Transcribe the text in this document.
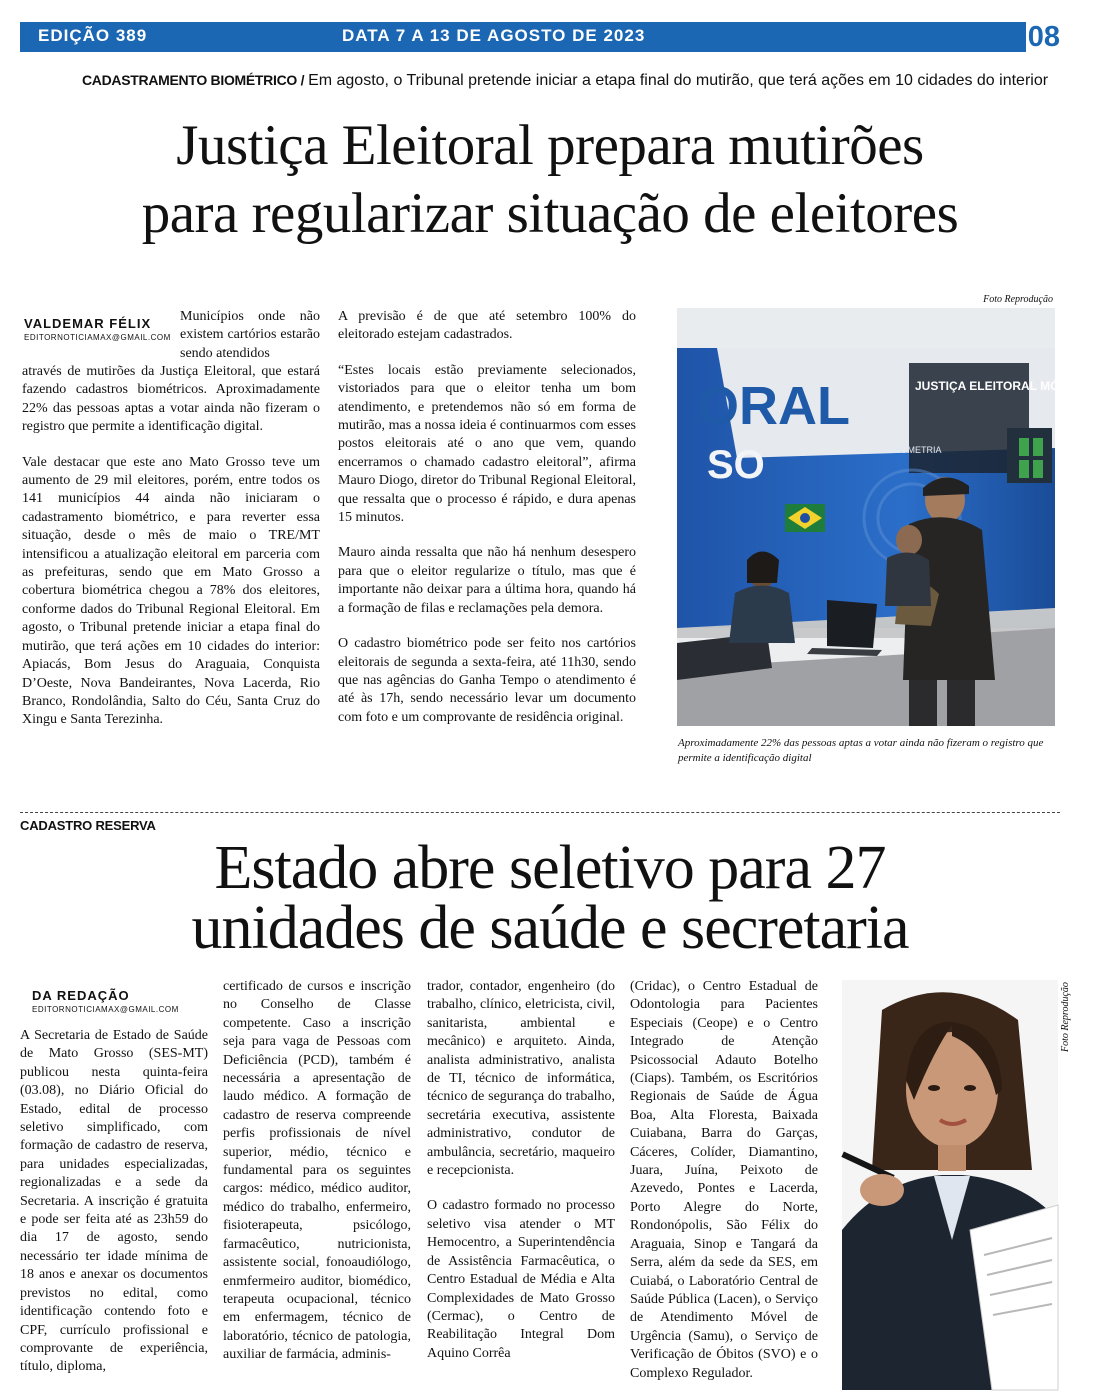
EDIÇÃO 389	DATA 7 A 13 DE AGOSTO DE 2023	08
CADASTRAMENTO BIOMÉTRICO / Em agosto, o Tribunal pretende iniciar a etapa final do mutirão, que terá ações em 10 cidades do interior
Justiça Eleitoral prepara mutirões
para regularizar situação de eleitores
VALDEMAR FÉLIX
EDITORNOTICIAMAX@GMAIL.COM
Municípios onde não existem cartórios estarão sendo atendidos

através de mutirões da Justiça Eleitoral, que estará fazendo cadastros biométricos. Aproximadamente 22% das pessoas aptas a votar ainda não fizeram o registro que permite a identificação digital.

Vale destacar que este ano Mato Grosso teve um aumento de 29 mil eleitores, porém, entre todos os 141 municípios 44 ainda não iniciaram o cadastramento biométrico, e para reverter essa situação, desde o mês de maio o TRE/MT intensificou a atualização eleitoral em parceria com as prefeituras, sendo que em Mato Grosso a cobertura biométrica chegou a 78% dos eleitores, conforme dados do Tribunal Regional Eleitoral. Em agosto, o Tribunal pretende iniciar a etapa final do mutirão, que terá ações em 10 cidades do interior: Apiacás, Bom Jesus do Araguaia, Conquista D’Oeste, Nova Bandeirantes, Nova Lacerda, Rio Branco, Rondolândia, Salto do Céu, Santa Cruz do Xingu e Santa Terezinha.

A previsão é de que até setembro 100% do eleitorado estejam cadastrados.

“Estes locais estão previamente selecionados, vistoriados para que o eleitor tenha um bom atendimento, e pretendemos não só em forma de mutirão, mas a nossa ideia é continuarmos com esses postos eleitorais até o ano que vem, quando encerramos o chamado cadastro eleitoral”, afirma Mauro Diogo, diretor do Tribunal Regional Eleitoral, que ressalta que o processo é rápido, e dura apenas 15 minutos.

Mauro ainda ressalta que não há nenhum desespero para que o eleitor regularize o título, mas que é importante não deixar para a última hora, quando há a formação de filas e reclamações pela demora.

O cadastro biométrico pode ser feito nos cartórios eleitorais de segunda a sexta-feira, até 11h30, sendo que nas agências do Ganha Tempo o atendimento é até às 17h, sendo necessário levar um documento com foto e um comprovante de residência original.

Foto Reprodução
ORAL	JUSTIÇA ELEITORAL MÓVEL
SO	BIOMETRIA
Aproximadamente 22% das pessoas aptas a votar ainda não fizeram o registro que permite a identificação digital
CADASTRO RESERVA
Estado abre seletivo para 27
unidades de saúde e secretaria
DA REDAÇÃO
EDITORNOTICIAMAX@GMAIL.COM
A Secretaria de Estado de Saúde de Mato Grosso (SES-MT) publicou nesta quinta-feira (03.08), no Diário Oficial do Estado, edital de processo seletivo simplificado, com formação de cadastro de reserva, para unidades especializadas, regionalizadas e a sede da Secretaria. A inscrição é gratuita e pode ser feita até as 23h59 do dia 17 de agosto, sendo necessário ter idade mínima de 18 anos e anexar os documentos previstos no edital, como identificação contendo foto e CPF, currículo profissional e comprovante de experiência, título, diploma,
certificado de cursos e inscrição no Conselho de Classe competente. Caso a inscrição seja para vaga de Pessoas com Deficiência (PCD), também é necessária a apresentação de laudo médico. A formação de cadastro de reserva compreende perfis profissionais de nível superior, médio, técnico e fundamental para os seguintes cargos: médico, médico auditor, médico do trabalho, enfermeiro, fisioterapeuta, psicólogo, farmacêutico, nutricionista, assistente social, fonoaudiólogo, enmfermeiro auditor, biomédico, terapeuta ocupacional, técnico em enfermagem, técnico de laboratório, técnico de patologia, auxiliar de farmácia, adminis-

trador, contador, engenheiro (do trabalho, clínico, eletricista, civil, sanitarista, ambiental e mecânico) e arquiteto. Ainda, analista administrativo, analista de TI, técnico de informática, técnico de segurança do trabalho, secretária executiva, assistente administrativo, condutor de ambulância, secretário, maqueiro e recepcionista.

O cadastro formado no processo seletivo visa atender o MT Hemocentro, a Superintendência de Assistência Farmacêutica, o Centro Estadual de Média e Alta Complexidades de Mato Grosso (Cermac), o Centro de Reabilitação Integral Dom Aquino Corrêa

(Cridac), o Centro Estadual de Odontologia para Pacientes Especiais (Ceope) e o Centro Integrado de Atenção Psicossocial Adauto Botelho (Ciaps). Também, os Escritórios Regionais de Saúde de Água Boa, Alta Floresta, Baixada Cuiabana, Barra do Garças, Cáceres, Colíder, Diamantino, Juara, Juína, Peixoto de Azevedo, Pontes e Lacerda, Porto Alegre do Norte, Rondonópolis, São Félix do Araguaia, Sinop e Tangará da Serra, além da sede da SES, em Cuiabá, o Laboratório Central de Saúde Pública (Lacen), o Serviço de Atendimento Móvel de Urgência (Samu), o Serviço de Verificação de Óbitos (SVO) e o Complexo Regulador.
Foto Reprodução
